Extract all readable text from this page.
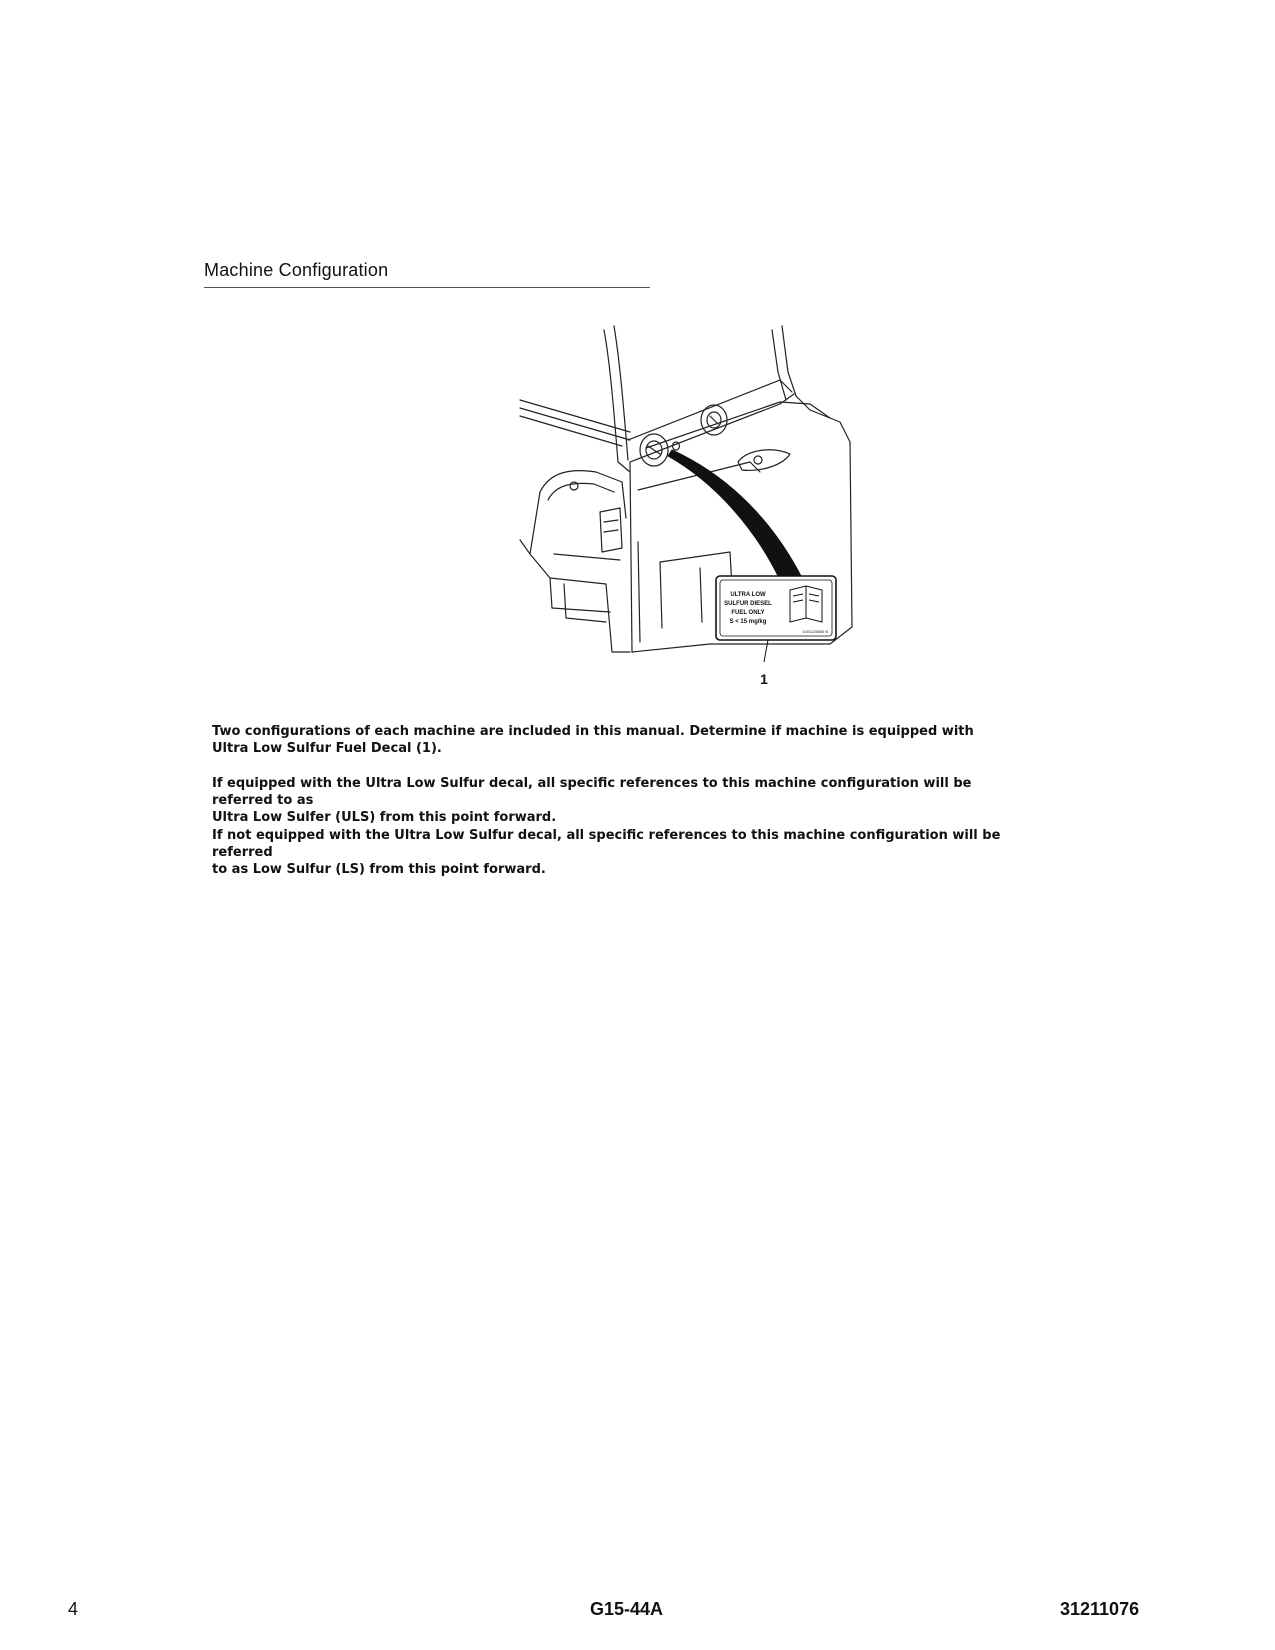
Machine Configuration
ULTRA LOW
SULFUR DIESEL
FUEL ONLY
S < 15 mg/kg
1001125580 B
1

Two configurations of each machine are included in this manual. Determine if machine is equipped with
Ultra Low Sulfur Fuel Decal (1).

If equipped with the Ultra Low Sulfur decal, all specific references to this machine configuration will be referred to as
Ultra Low Sulfer (ULS) from this point forward.

If not equipped with the Ultra Low Sulfur decal, all specific references to this machine configuration will be referred
to as Low Sulfur (LS) from this point forward.

4	G15-44A	31211076
